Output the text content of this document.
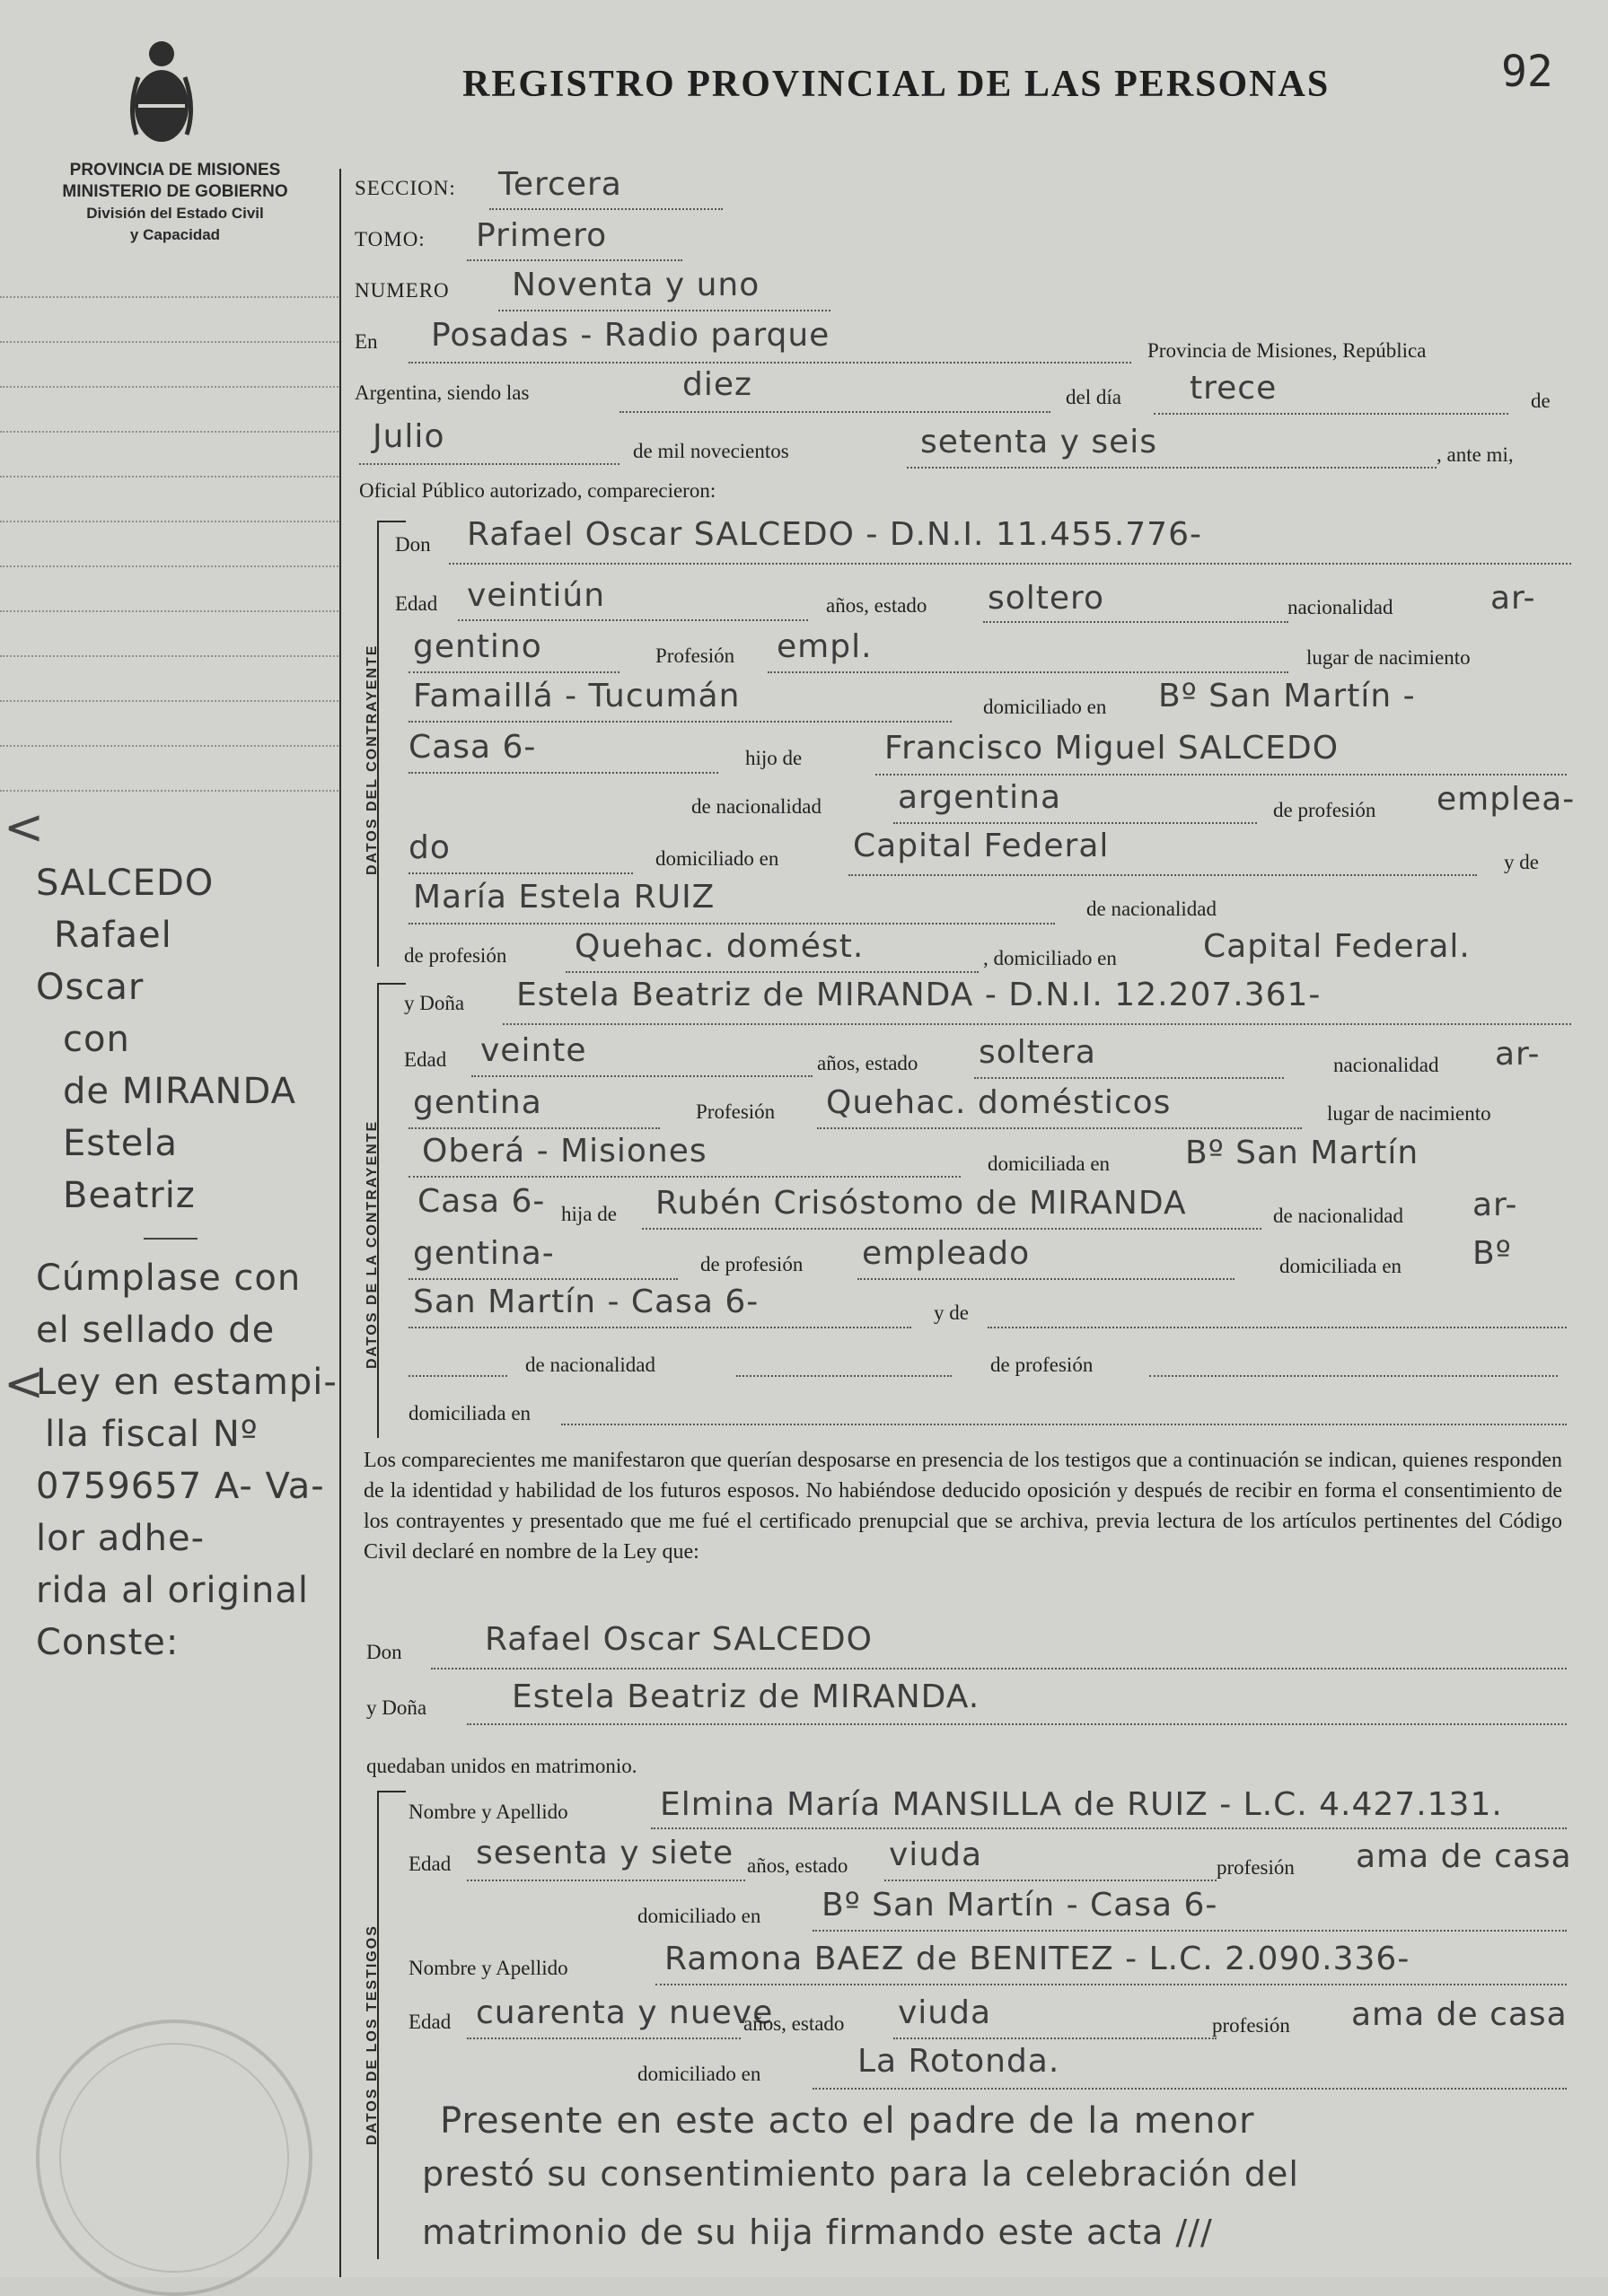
PROVINCIA DE MISIONES
MINISTERIO DE GOBIERNO
División del Estado Civil
y Capacidad
<
<
SALCEDO
Rafael
Oscar
con
de MIRANDA
Estela
Beatriz
Cúmplase con
el sellado de
Ley en estampi-
lla fiscal Nº
0759657 A- Va-
lor adhe-
rida al original
Conste:
REGISTRO PROVINCIAL DE LAS PERSONAS	92
SECCION: Tercera
TOMO: Primero
NUMERO Noventa y uno
En Posadas - Radio parque	Provincia de Misiones, República
Argentina, siendo las	diez	del día trece	de
Julio	de mil novecientos	setenta y seis	, ante mi,
Oficial Público autorizado, comparecieron:
DATOS DEL CONTRAYENTE
Don Rafael Oscar SALCEDO - D.N.I. 11.455.776-
Edad veintiún	años, estado soltero	nacionalidad	ar-
gentino	Profesión empl.	lugar de nacimiento
Famaillá - Tucumán	domiciliado en Bº San Martín -
Casa 6-	hijo de	Francisco Miguel SALCEDO
de nacionalidad argentina	de profesión emplea-
do	domiciliado en Capital Federal	y de
María Estela RUIZ	de nacionalidad
de profesión Quehac. domést.	, domiciliado en	Capital Federal.
DATOS DE LA CONTRAYENTE
y Doña Estela Beatriz de MIRANDA - D.N.I. 12.207.361-
Edad veinte	años, estado soltera	nacionalidad ar-
gentina	Profesión Quehac. domésticos	lugar de nacimiento
Oberá - Misiones	domiciliada en Bº San Martín
Casa 6- hija de Rubén Crisóstomo de MIRANDA	de nacionalidad ar-
gentina-	de profesión empleado	domiciliada en Bº
San Martín - Casa 6-	y de
de nacionalidad	de profesión
domiciliada en
Los comparecientes me manifestaron que querían desposarse en presencia de los testigos que a continuación se indican, quienes responden de la identidad y habilidad de los futuros esposos. No habiéndose deducido oposición y después de recibir en forma el consentimiento de los contrayentes y presentado que me fué el certificado prenupcial que se archiva, previa lectura de los artículos pertinentes del Código Civil declaré en nombre de la Ley que:
Don	Rafael Oscar SALCEDO
y Doña	Estela Beatriz de MIRANDA.
quedaban unidos en matrimonio.
DATOS DE LOS TESTIGOS
Nombre y Apellido	Elmina María MANSILLA de RUIZ - L.C. 4.427.131.
Edad sesenta y siete años, estado viuda	profesión ama de casa
domiciliado en Bº San Martín - Casa 6-
Nombre y Apellido	Ramona BAEZ de BENITEZ - L.C. 2.090.336-
Edad cuarenta y nueve
años, estado viuda	profesión ama de casa
domiciliado en	La Rotonda.
Presente en este acto el padre de la menor
prestó su consentimiento para la celebración del
matrimonio de su hija firmando este acta ///
